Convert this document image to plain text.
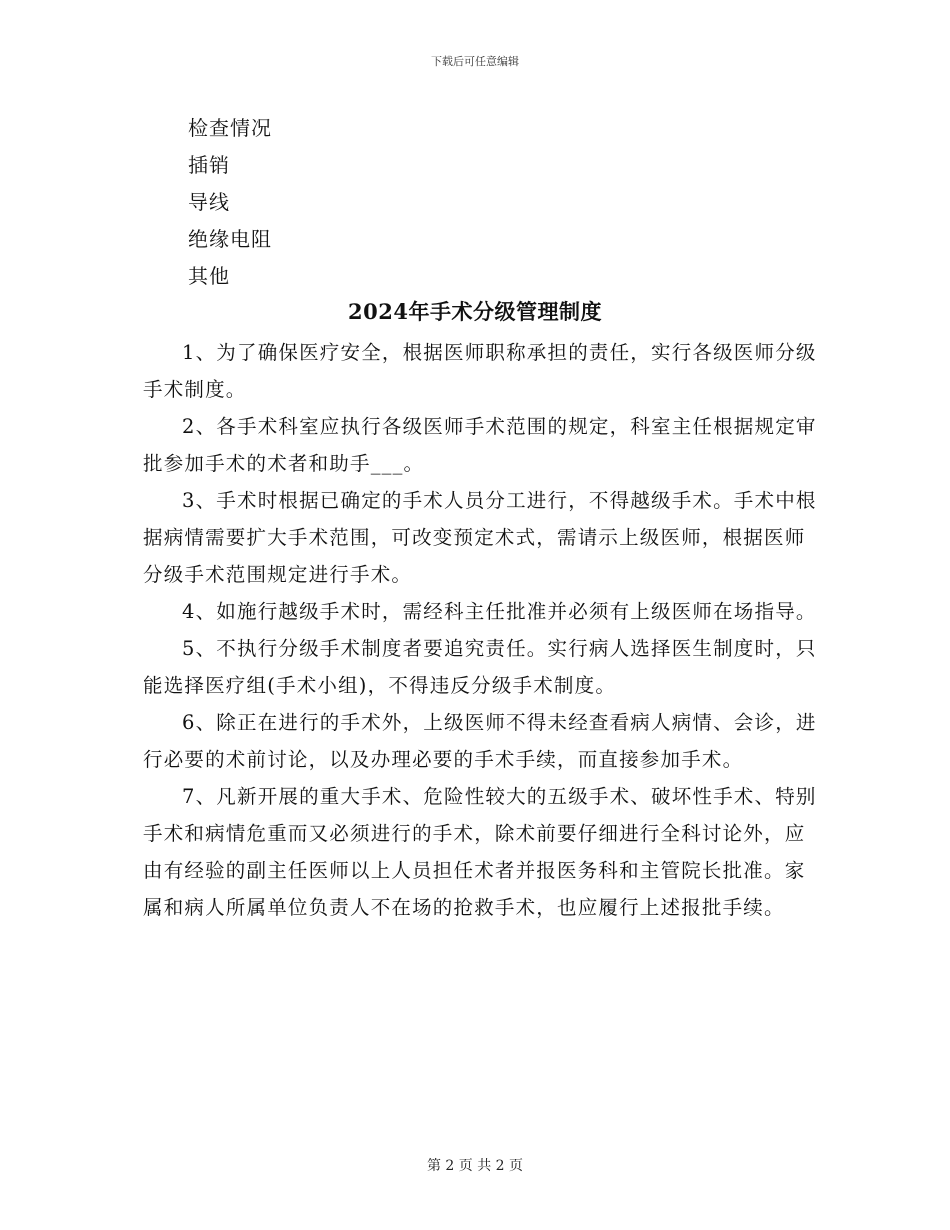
下载后可任意编辑
检查情况
插销
导线
绝缘电阻
其他
2024年手术分级管理制度

1、为了确保医疗安全，根据医师职称承担的责任，实行各级医师分级手术制度。

2、各手术科室应执行各级医师手术范围的规定，科室主任根据规定审批参加手术的术者和助手___。

3、手术时根据已确定的手术人员分工进行，不得越级手术。手术中根据病情需要扩大手术范围，可改变预定术式，需请示上级医师，根据医师分级手术范围规定进行手术。

4、如施行越级手术时，需经科主任批准并必须有上级医师在场指导。

5、不执行分级手术制度者要追究责任。实行病人选择医生制度时，只能选择医疗组(手术小组)，不得违反分级手术制度。

6、除正在进行的手术外，上级医师不得未经查看病人病情、会诊，进行必要的术前讨论，以及办理必要的手术手续，而直接参加手术。

7、凡新开展的重大手术、危险性较大的五级手术、破坏性手术、特别手术和病情危重而又必须进行的手术，除术前要仔细进行全科讨论外，应由有经验的副主任医师以上人员担任术者并报医务科和主管院长批准。家属和病人所属单位负责人不在场的抢救手术，也应履行上述报批手续。

第 2 页 共 2 页
